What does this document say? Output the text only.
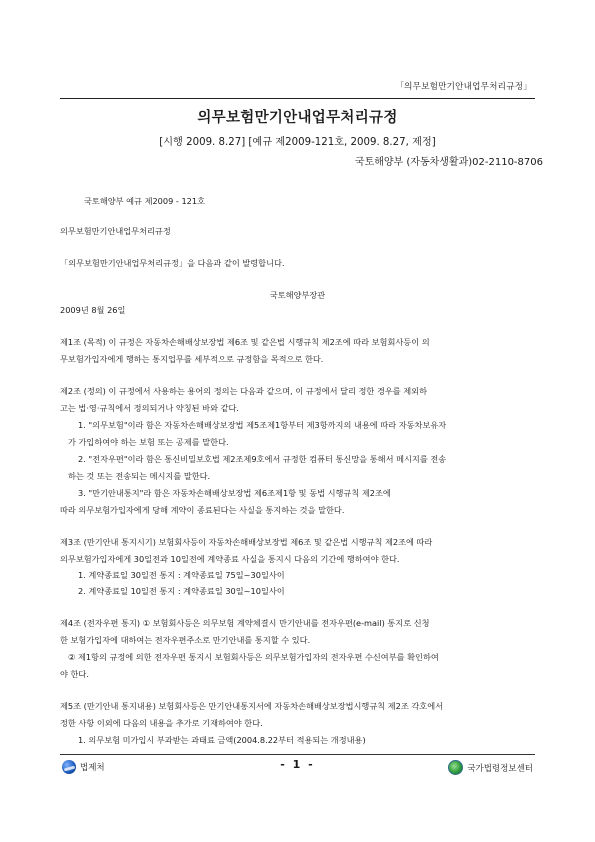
「의무보험만기안내업무처리규정」
의무보험만기안내업무처리규정
[시행 2009. 8.27] [예규 제2009-121호, 2009. 8.27, 제정]
국토해양부 (자동차생활과)02-2110-8706
국토해양부 예규 제2009 - 121호
의무보험만기안내업무처리규정
「의무보험만기안내업무처리규정」을 다음과 같이 발령합니다.
국토해양부장관
2009년 8월 26일
제1조 (목적) 이 규정은 자동차손해배상보장법 제6조 및 같은법 시행규칙 제2조에 따라 보험회사등이 의
무보험가입자에게 행하는 통지업무를 세부적으로 규정함을 목적으로 한다.
제2조 (정의) 이 규정에서 사용하는 용어의 정의는 다음과 같으며, 이 규정에서 달리 정한 경우를 제외하
고는 법·영·규칙에서 정의되거나 약칭된 바와 같다.
1. "의무보험"이라 함은 자동차손해배상보장법 제5조제1항부터 제3항까지의 내용에 따라 자동차보유자
가 가입하여야 하는 보험 또는 공제를 말한다.
2. "전자우편"이라 함은 통신비밀보호법 제2조제9호에서 규정한 컴퓨터 통신망을 통해서 메시지를 전송
하는 것 또는 전송되는 메시지를 말한다.
3. "만기안내통지"라 함은 자동차손해배상보장법 제6조제1항 및 동법 시행규칙 제2조에
따라 의무보험가입자에게 당해 계약이 종료된다는 사실을 통지하는 것을 말한다.
제3조 (만기안내 통지시기) 보험회사등이 자동차손해배상보장법 제6조 및 같은법 시행규칙 제2조에 따라
의무보험가입자에게 30일전과 10일전에 계약종료 사실을 통지시 다음의 기간에 행하여야 한다.
1. 계약종료일 30일전 통지 : 계약종료일 75일~30일사이
2. 계약종료일 10일전 통지 : 계약종료일 30일~10일사이
제4조 (전자우편 통지) ① 보험회사등은 의무보험 계약체결시 만기안내를 전자우편(e-mail) 통지로 신청
한 보험가입자에 대하여는 전자우편주소로 만기안내를 통지할 수 있다.
② 제1항의 규정에 의한 전자우편 통지시 보험회사등은 의무보험가입자의 전자우편 수신여부를 확인하여
야 한다.
제5조 (만기안내 통지내용) 보험회사등은 만기안내통지서에 자동차손해배상보장법시행규칙 제2조 각호에서
정한 사항 이외에 다음의 내용을 추가로 기재하여야 한다.
1. 의무보험 미가입시 부과받는 과태료 금액(2004.8.22부터 적용되는 개정내용)
법제처	- 1 -	국가법령정보센터
